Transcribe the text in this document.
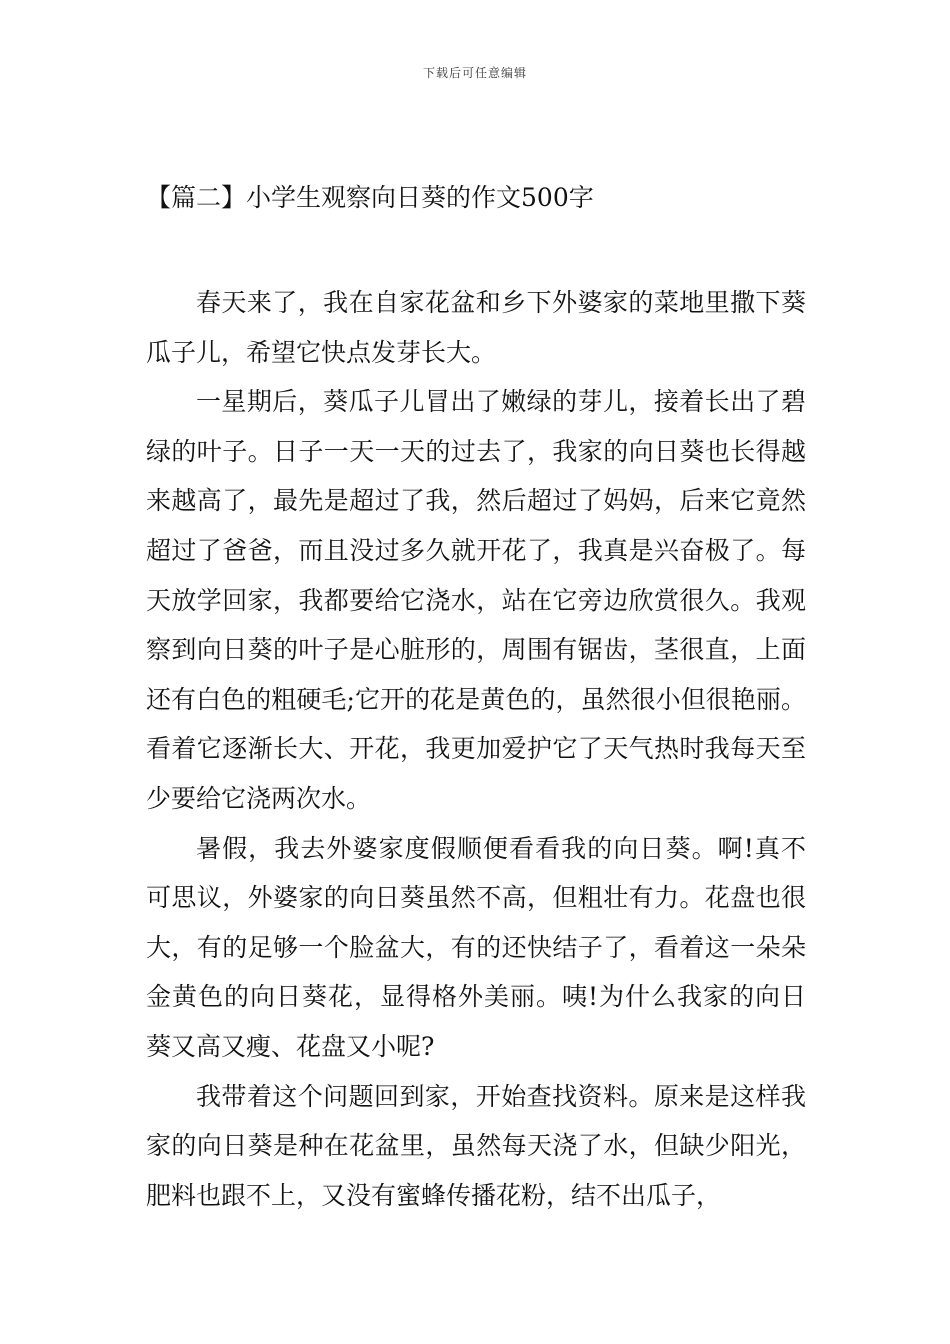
下载后可任意编辑
【篇二】小学生观察向日葵的作文500字

春天来了，我在自家花盆和乡下外婆家的菜地里撒下葵瓜子儿，希望它快点发芽长大。

一星期后，葵瓜子儿冒出了嫩绿的芽儿，接着长出了碧绿的叶子。日子一天一天的过去了，我家的向日葵也长得越来越高了，最先是超过了我，然后超过了妈妈，后来它竟然超过了爸爸，而且没过多久就开花了，我真是兴奋极了。每天放学回家，我都要给它浇水，站在它旁边欣赏很久。我观察到向日葵的叶子是心脏形的，周围有锯齿，茎很直，上面还有白色的粗硬毛;它开的花是黄色的，虽然很小但很艳丽。看着它逐渐长大、开花，我更加爱护它了天气热时我每天至少要给它浇两次水。

暑假，我去外婆家度假顺便看看我的向日葵。啊!真不可思议，外婆家的向日葵虽然不高，但粗壮有力。花盘也很大，有的足够一个脸盆大，有的还快结子了，看着这一朵朵金黄色的向日葵花，显得格外美丽。咦!为什么我家的向日葵又高又瘦、花盘又小呢?

我带着这个问题回到家，开始查找资料。原来是这样我家的向日葵是种在花盆里，虽然每天浇了水，但缺少阳光，肥料也跟不上，又没有蜜蜂传播花粉，结不出瓜子，
